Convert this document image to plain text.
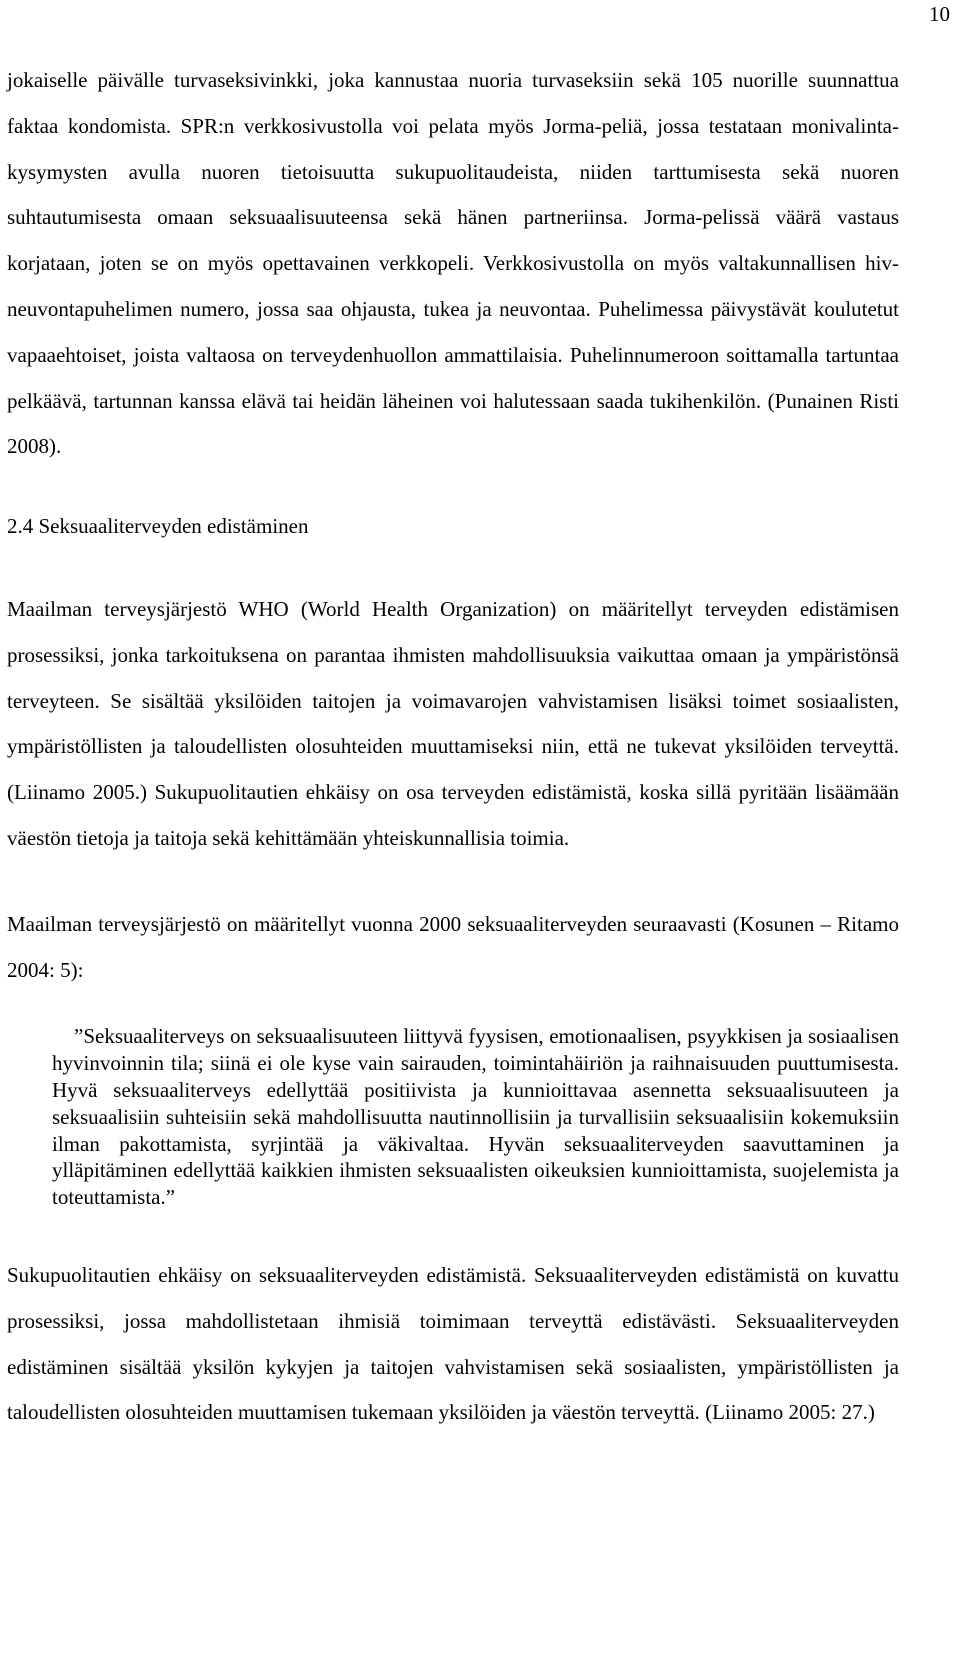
10

jokaiselle päivälle turvaseksivinkki, joka kannustaa nuoria turvaseksiin sekä 105 nuorille suunnattua faktaa kondomista. SPR:n verkkosivustolla voi pelata myös Jorma-peliä, jossa testataan monivalinta-kysymysten avulla nuoren tietoisuutta sukupuolitaudeista, niiden tarttumisesta sekä nuoren suhtautumisesta omaan seksuaalisuuteensa sekä hänen partneriinsa. Jorma-pelissä väärä vastaus korjataan, joten se on myös opettavainen verkkopeli. Verkkosivustolla on myös valtakunnallisen hiv-neuvontapuhelimen numero, jossa saa ohjausta, tukea ja neuvontaa. Puhelimessa päivystävät koulutetut vapaaehtoiset, joista valtaosa on terveydenhuollon ammattilaisia. Puhelinnumeroon soittamalla tartuntaa pelkäävä, tartunnan kanssa elävä tai heidän läheinen voi halutessaan saada tukihenkilön. (Punainen Risti 2008).

2.4 Seksuaaliterveyden edistäminen

Maailman terveysjärjestö WHO (World Health Organization) on määritellyt terveyden edistämisen prosessiksi, jonka tarkoituksena on parantaa ihmisten mahdollisuuksia vaikuttaa omaan ja ympäristönsä terveyteen. Se sisältää yksilöiden taitojen ja voimavarojen vahvistamisen lisäksi toimet sosiaalisten, ympäristöllisten ja taloudellisten olosuhteiden muuttamiseksi niin, että ne tukevat yksilöiden terveyttä. (Liinamo 2005.) Sukupuolitautien ehkäisy on osa terveyden edistämistä, koska sillä pyritään lisäämään väestön tietoja ja taitoja sekä kehittämään yhteiskunnallisia toimia.

Maailman terveysjärjestö on määritellyt vuonna 2000 seksuaaliterveyden seuraavasti (Kosunen – Ritamo 2004: 5):

”Seksuaaliterveys on seksuaalisuuteen liittyvä fyysisen, emotionaalisen, psyykkisen ja sosiaalisen hyvinvoinnin tila; siinä ei ole kyse vain sairauden, toimintahäiriön ja raihnaisuuden puuttumisesta. Hyvä seksuaaliterveys edellyttää positiivista ja kunnioittavaa asennetta seksuaalisuuteen ja seksuaalisiin suhteisiin sekä mahdollisuutta nautinnollisiin ja turvallisiin seksuaalisiin kokemuksiin ilman pakottamista, syrjintää ja väkivaltaa. Hyvän seksuaaliterveyden saavuttaminen ja ylläpitäminen edellyttää kaikkien ihmisten seksuaalisten oikeuksien kunnioittamista, suojelemista ja toteuttamista.”

Sukupuolitautien ehkäisy on seksuaaliterveyden edistämistä. Seksuaaliterveyden edistämistä on kuvattu prosessiksi, jossa mahdollistetaan ihmisiä toimimaan terveyttä edistävästi. Seksuaaliterveyden edistäminen sisältää yksilön kykyjen ja taitojen vahvistamisen sekä sosiaalisten, ympäristöllisten ja taloudellisten olosuhteiden muuttamisen tukemaan yksilöiden ja väestön terveyttä. (Liinamo 2005: 27.)
